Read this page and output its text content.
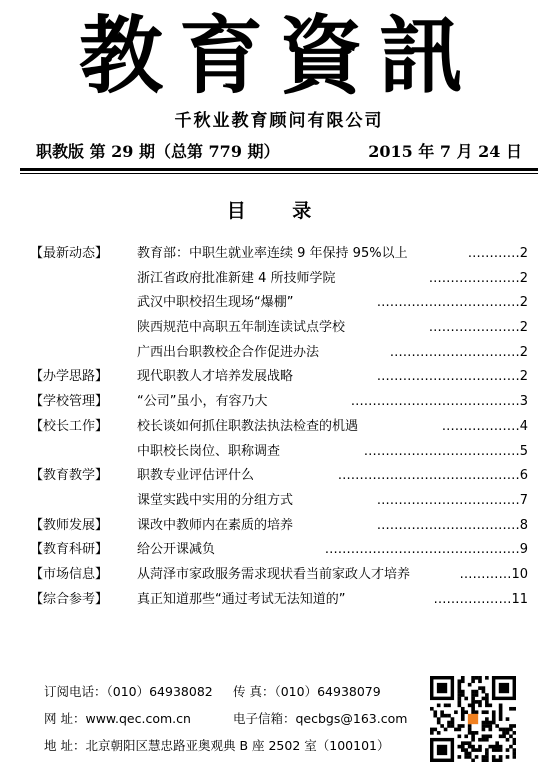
教育資訊
千秋业教育顾问有限公司
职教版 第 29 期（总第 779 期）	2015 年 7 月 24 日
目 录
【最新动态】	教育部：中职生就业率连续 9 年保持 95%以上	…………2
浙江省政府批准新建 4 所技师学院	…………………2
武汉中职校招生现场“爆棚”	……………………………2
陕西规范中高职五年制连读试点学校	…………………2
广西出台职教校企合作促进办法	…………………………2
【办学思路】	现代职教人才培养发展战略	……………………………2
【学校管理】	“公司”虽小，有容乃大	…………………………………3
【校长工作】	校长谈如何抓住职教法执法检查的机遇	………………4
中职校长岗位、职称调查	………………………………5
【教育教学】	职教专业评估评什么	……………………………………6
课堂实践中实用的分组方式	……………………………7
【教师发展】	课改中教师内在素质的培养	……………………………8
【教育科研】	给公开课减负	………………………………………9
【市场信息】	从菏泽市家政服务需求现状看当前家政人才培养	…………10
【综合参考】	真正知道那些“通过考试无法知道的”	………………11
订阅电话：（010）64938082 传 真：（010）64938079
网 址：www.qec.com.cn	电子信箱：qecbgs@163.com
地 址：北京朝阳区慧忠路亚奥观典 B 座 2502 室（100101）
